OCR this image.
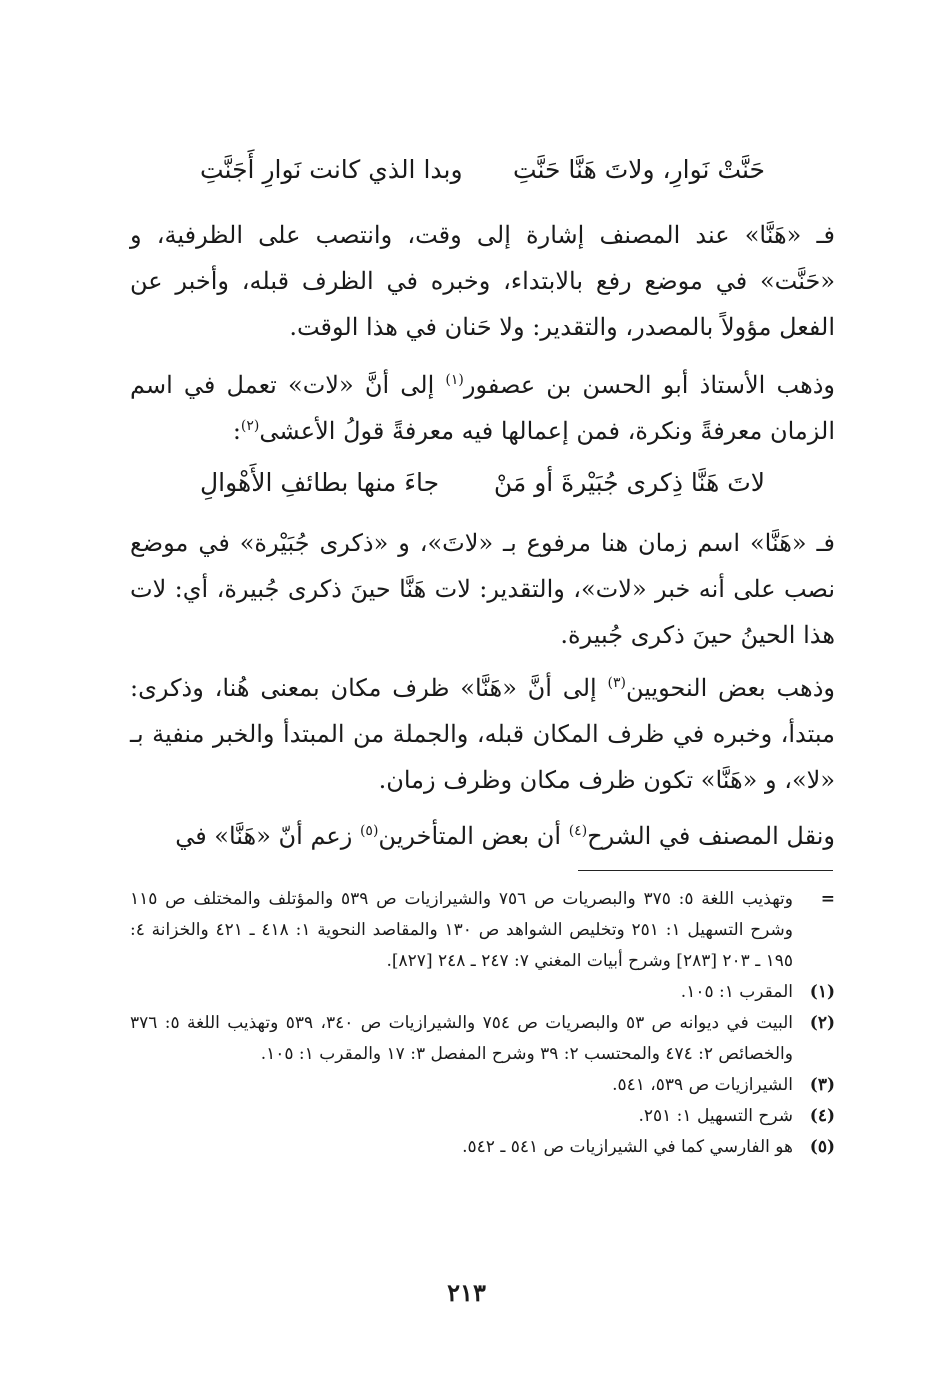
حَنَّتْ نَوارِ، ولاتَ هَنَّا حَنَّتِ
وبدا الذي كانت نَوارِ أَجَنَّتِ

فـ «هَنَّا» عند المصنف إشارة إلى وقت، وانتصب على الظرفية، و «حَنَّت» في موضع رفع بالابتداء، وخبره في الظرف قبله، وأخبر عن الفعل مؤولاً بالمصدر، والتقدير: ولا حَنان في هذا الوقت.

وذهب الأستاذ أبو الحسن بن عصفور$^{(١)}$ إلى أنَّ «لات» تعمل في اسم الزمان معرفةً ونكرة، فمن إعمالها فيه معرفةً قولُ الأعشى$^{(٢)}$:

لاتَ هَنَّا ذِكرى جُبَيْرةَ أو مَنْ
جاءَ منها بطائفِ الأَهْوالِ

فـ «هَنَّا» اسم زمان هنا مرفوع بـ «لاتَ»، و «ذكرى جُبَيْرة» في موضع نصب على أنه خبر «لات»، والتقدير: لات هَنَّا حينَ ذكرى جُبيرة، أي: لات هذا الحينُ حينَ ذكرى جُبيرة.

وذهب بعض النحويين$^{(٣)}$ إلى أنَّ «هَنَّا» ظرف مكان بمعنى هُنا، وذكرى: مبتدأ، وخبره في ظرف المكان قبله، والجملة من المبتدأ والخبر منفية بـ «لا»، و «هَنَّا» تكون ظرف مكان وظرف زمان.

ونقل المصنف في الشرح$^{(٤)}$ أن بعض المتأخرين$^{(٥)}$ زعم أنّ «هَنَّا» في

=
وتهذيب اللغة ٥: ٣٧٥ والبصريات ص ٧٥٦ والشيرازيات ص ٥٣٩ والمؤتلف والمختلف ص ١١٥ وشرح التسهيل ١: ٢٥١ وتخليص الشواهد ص ١٣٠ والمقاصد النحوية ١: ٤١٨ ـ ٤٢١ والخزانة ٤: ١٩٥ ـ ٢٠٣ [٢٨٣] وشرح أبيات المغني ٧: ٢٤٧ ـ ٢٤٨ [٨٢٧].
(١)
المقرب ١: ١٠٥.
(٢)
البيت في ديوانه ص ٥٣ والبصريات ص ٧٥٤ والشيرازيات ص ٣٤٠، ٥٣٩ وتهذيب اللغة ٥: ٣٧٦ والخصائص ٢: ٤٧٤ والمحتسب ٢: ٣٩ وشرح المفصل ٣: ١٧ والمقرب ١: ١٠٥.
(٣)
الشيرازيات ص ٥٣٩، ٥٤١.
(٤)
شرح التسهيل ١: ٢٥١.
(٥)
هو الفارسي كما في الشيرازيات ص ٥٤١ ـ ٥٤٢.
٢١٣
